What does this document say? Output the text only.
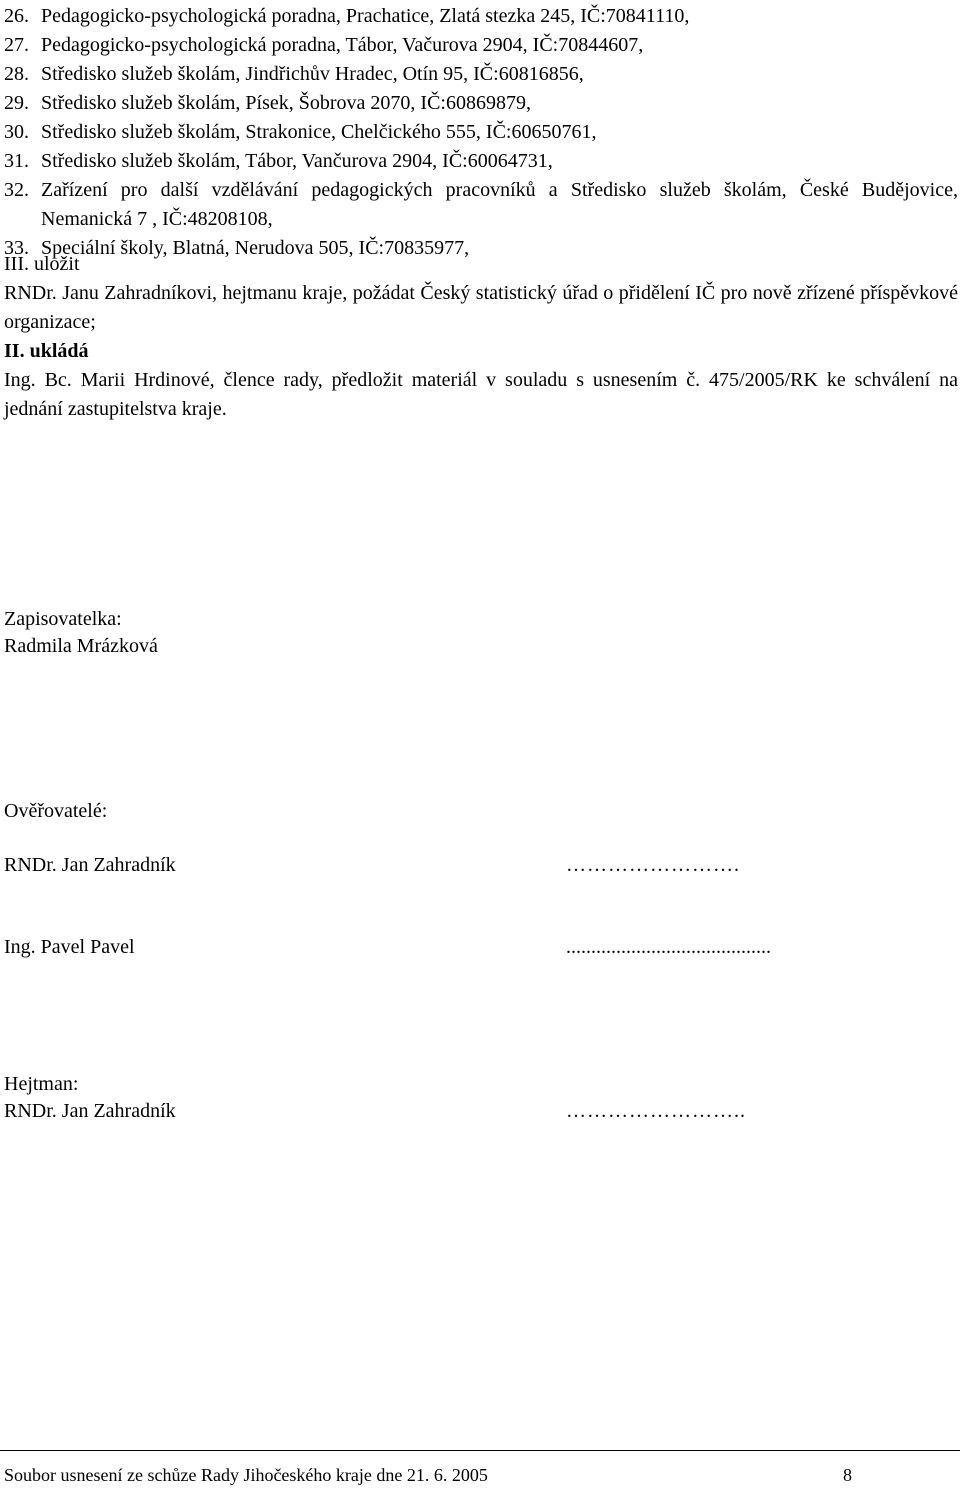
26. Pedagogicko-psychologická poradna, Prachatice, Zlatá stezka 245, IČ:70841110,
27. Pedagogicko-psychologická poradna, Tábor, Vačurova 2904, IČ:70844607,
28. Středisko služeb školám, Jindřichův Hradec, Otín 95, IČ:60816856,
29. Středisko služeb školám, Písek, Šobrova 2070, IČ:60869879,
30. Středisko služeb školám, Strakonice, Chelčického 555, IČ:60650761,
31. Středisko služeb školám, Tábor, Vančurova 2904, IČ:60064731,
32. Zařízení pro další vzdělávání pedagogických pracovníků a Středisko služeb školám, České Budějovice, Nemanická 7 , IČ:48208108,
33. Speciální školy, Blatná, Nerudova 505, IČ:70835977,
III. uložit
RNDr. Janu Zahradníkovi, hejtmanu kraje, požádat Český statistický úřad o přidělení IČ pro nově zřízené příspěvkové organizace;
II. ukládá
Ing. Bc. Marii Hrdinové, člence rady, předložit materiál v souladu s usnesením č. 475/2005/RK ke schválení na jednání zastupitelstva kraje.
Zapisovatelka:
Radmila Mrázková
Ověřovatelé:
RNDr. Jan Zahradník	…………………….
Ing. Pavel Pavel	.........................................
Hejtman:
RNDr. Jan Zahradník	……………………..
Soubor usnesení ze schůze Rady Jihočeského kraje dne 21. 6. 2005	8
